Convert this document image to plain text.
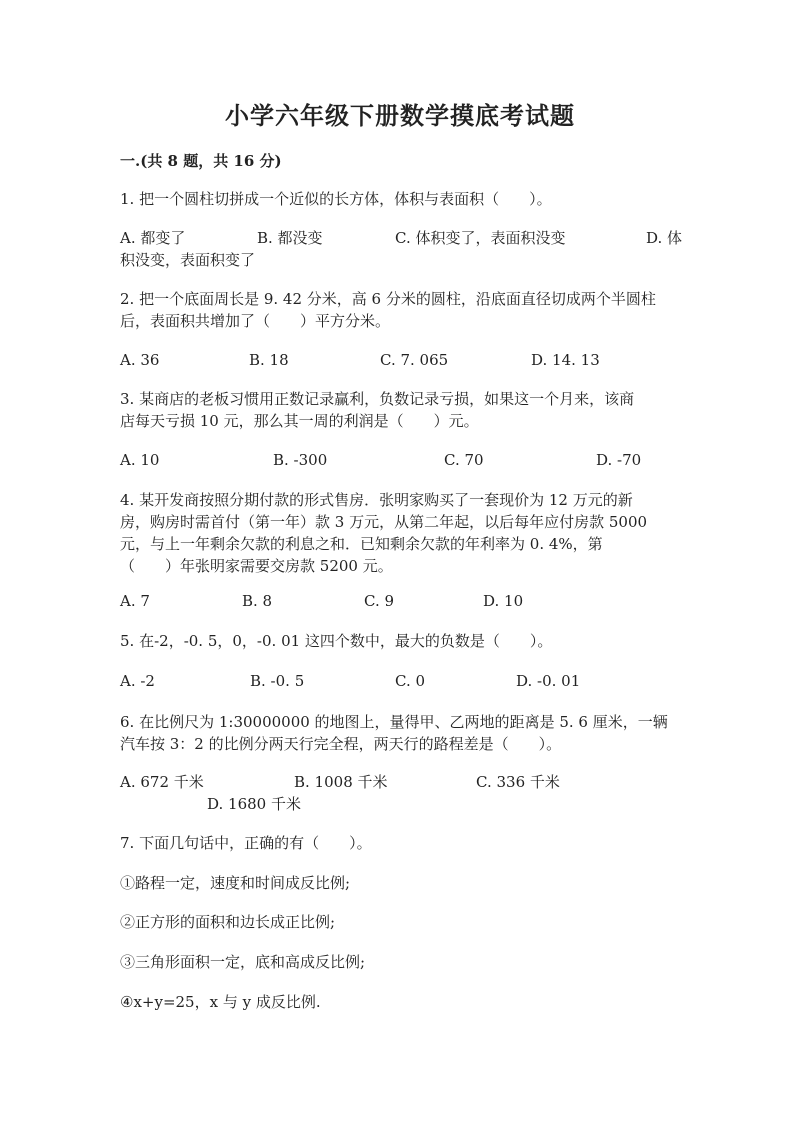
小学六年级下册数学摸底考试题
一.(共 8 题，共 16 分)
1. 把一个圆柱切拼成一个近似的长方体，体积与表面积（　　）。
A. 都变了	B. 都没变	C. 体积变了，表面积没变	D. 体
积没变，表面积变了
2. 把一个底面周长是 9. 42 分米，高 6 分米的圆柱，沿底面直径切成两个半圆柱
后，表面积共增加了（　　）平方分米。
A. 36	B. 18	C. 7. 065	D. 14. 13
3. 某商店的老板习惯用正数记录赢利，负数记录亏损，如果这一个月来，该商
店每天亏损 10 元，那么其一周的利润是（　　）元。
A. 10	B. -300	C. 70	D. -70
4. 某开发商按照分期付款的形式售房．张明家购买了一套现价为 12 万元的新
房，购房时需首付（第一年）款 3 万元，从第二年起，以后每年应付房款 5000
元，与上一年剩余欠款的利息之和．已知剩余欠款的年利率为 0. 4%，第
（　　）年张明家需要交房款 5200 元。
A. 7	B. 8	C. 9	D. 10
5. 在-2，-0. 5，0，-0. 01 这四个数中，最大的负数是（　　）。
A. -2	B. -0. 5	C. 0	D. -0. 01
6. 在比例尺为 1:30000000 的地图上，量得甲、乙两地的距离是 5. 6 厘米，一辆
汽车按 3：2 的比例分两天行完全程，两天行的路程差是（　　）。
A. 672 千米	B. 1008 千米	C. 336 千米
D. 1680 千米
7. 下面几句话中，正确的有（　　）。
①路程一定，速度和时间成反比例;
②正方形的面积和边长成正比例;
③三角形面积一定，底和高成反比例;
④x+y=25，x 与 y 成反比例.
